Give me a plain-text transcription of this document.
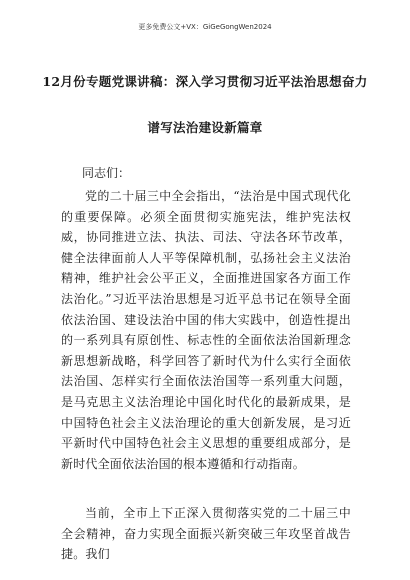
更多免费公文+VX：GiGeGongWen2024
12月份专题党课讲稿：深入学习贯彻习近平法治思想奋力
谱写法治建设新篇章
同志们：

党的二十届三中全会指出，“法治是中国式现代化的重要保障。必须全面贯彻实施宪法，维护宪法权威，协同推进立法、执法、司法、守法各环节改革，健全法律面前人人平等保障机制，弘扬社会主义法治精神，维护社会公平正义，全面推进国家各方面工作法治化。”习近平法治思想是习近平总书记在领导全面依法治国、建设法治中国的伟大实践中，创造性提出的一系列具有原创性、标志性的全面依法治国新理念新思想新战略，科学回答了新时代为什么实行全面依法治国、怎样实行全面依法治国等一系列重大问题，是马克思主义法治理论中国化时代化的最新成果，是中国特色社会主义法治理论的重大创新发展，是习近平新时代中国特色社会主义思想的重要组成部分，是新时代全面依法治国的根本遵循和行动指南。

当前，全市上下正深入贯彻落实党的二十届三中全会精神，奋力实现全面振兴新突破三年攻坚首战告捷。我们
